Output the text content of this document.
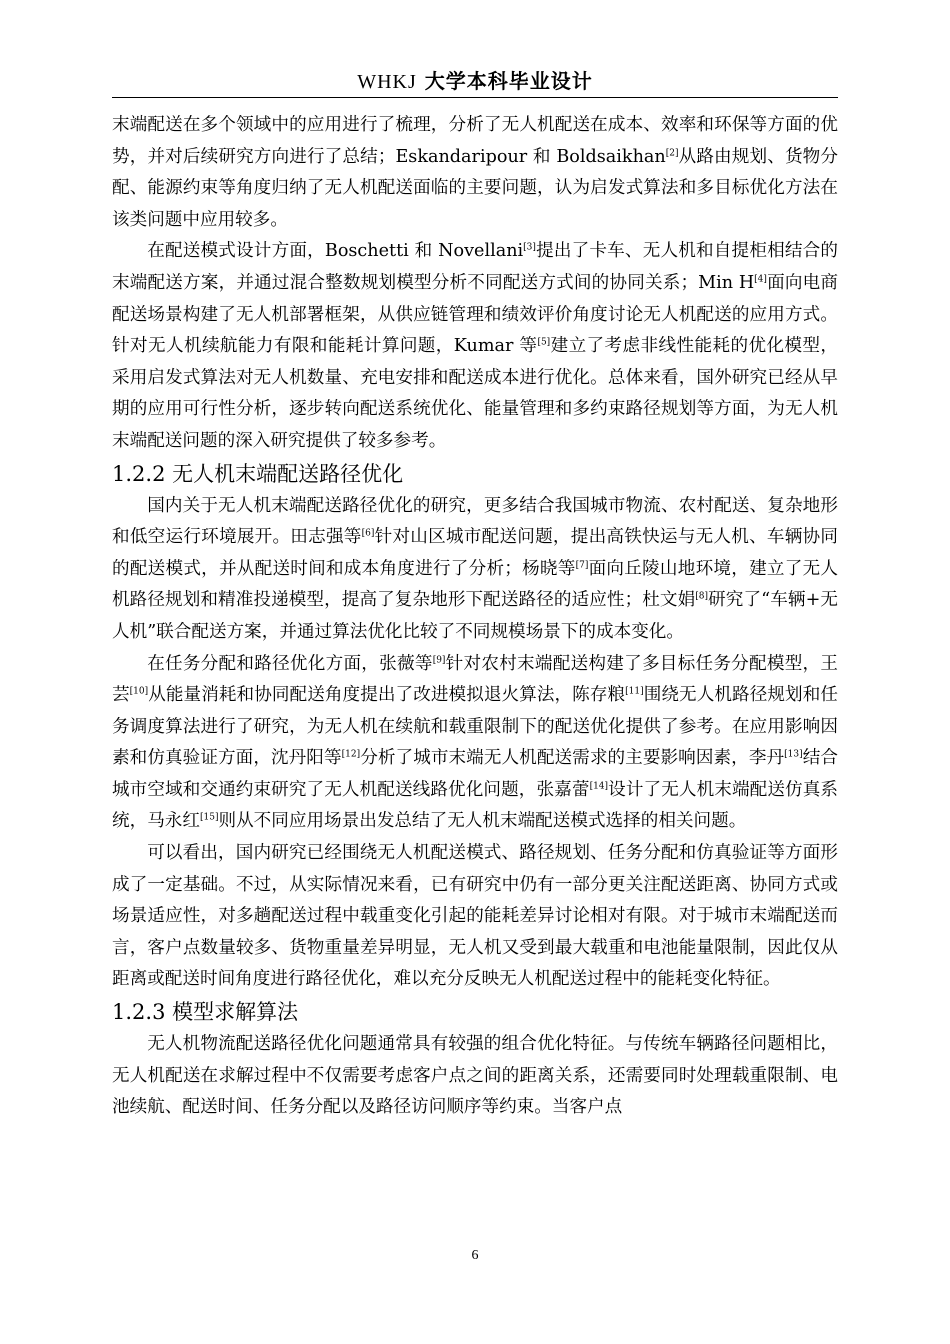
WHKJ 大学本科毕业设计

末端配送在多个领域中的应用进行了梳理，分析了无人机配送在成本、效率和环保等方面的优势，并对后续研究方向进行了总结；Eskandaripour 和 Boldsaikhan[2]从路由规划、货物分配、能源约束等角度归纳了无人机配送面临的主要问题，认为启发式算法和多目标优化方法在该类问题中应用较多。

在配送模式设计方面，Boschetti 和 Novellani[3]提出了卡车、无人机和自提柜相结合的末端配送方案，并通过混合整数规划模型分析不同配送方式间的协同关系；Min H[4]面向电商配送场景构建了无人机部署框架，从供应链管理和绩效评价角度讨论无人机配送的应用方式。针对无人机续航能力有限和能耗计算问题，Kumar 等[5]建立了考虑非线性能耗的优化模型，采用启发式算法对无人机数量、充电安排和配送成本进行优化。总体来看，国外研究已经从早期的应用可行性分析，逐步转向配送系统优化、能量管理和多约束路径规划等方面，为无人机末端配送问题的深入研究提供了较多参考。

1.2.2 无人机末端配送路径优化

国内关于无人机末端配送路径优化的研究，更多结合我国城市物流、农村配送、复杂地形和低空运行环境展开。田志强等[6]针对山区城市配送问题，提出高铁快运与无人机、车辆协同的配送模式，并从配送时间和成本角度进行了分析；杨晓等[7]面向丘陵山地环境，建立了无人机路径规划和精准投递模型，提高了复杂地形下配送路径的适应性；杜文娟[8]研究了“车辆+无人机”联合配送方案，并通过算法优化比较了不同规模场景下的成本变化。

在任务分配和路径优化方面，张薇等[9]针对农村末端配送构建了多目标任务分配模型，王芸[10]从能量消耗和协同配送角度提出了改进模拟退火算法，陈存粮[11]围绕无人机路径规划和任务调度算法进行了研究，为无人机在续航和载重限制下的配送优化提供了参考。在应用影响因素和仿真验证方面，沈丹阳等[12]分析了城市末端无人机配送需求的主要影响因素，李丹[13]结合城市空域和交通约束研究了无人机配送线路优化问题，张嘉蕾[14]设计了无人机末端配送仿真系统，马永红[15]则从不同应用场景出发总结了无人机末端配送模式选择的相关问题。

可以看出，国内研究已经围绕无人机配送模式、路径规划、任务分配和仿真验证等方面形成了一定基础。不过，从实际情况来看，已有研究中仍有一部分更关注配送距离、协同方式或场景适应性，对多趟配送过程中载重变化引起的能耗差异讨论相对有限。对于城市末端配送而言，客户点数量较多、货物重量差异明显，无人机又受到最大载重和电池能量限制，因此仅从距离或配送时间角度进行路径优化，难以充分反映无人机配送过程中的能耗变化特征。

1.2.3 模型求解算法

无人机物流配送路径优化问题通常具有较强的组合优化特征。与传统车辆路径问题相比，无人机配送在求解过程中不仅需要考虑客户点之间的距离关系，还需要同时处理载重限制、电池续航、配送时间、任务分配以及路径访问顺序等约束。当客户点

6
